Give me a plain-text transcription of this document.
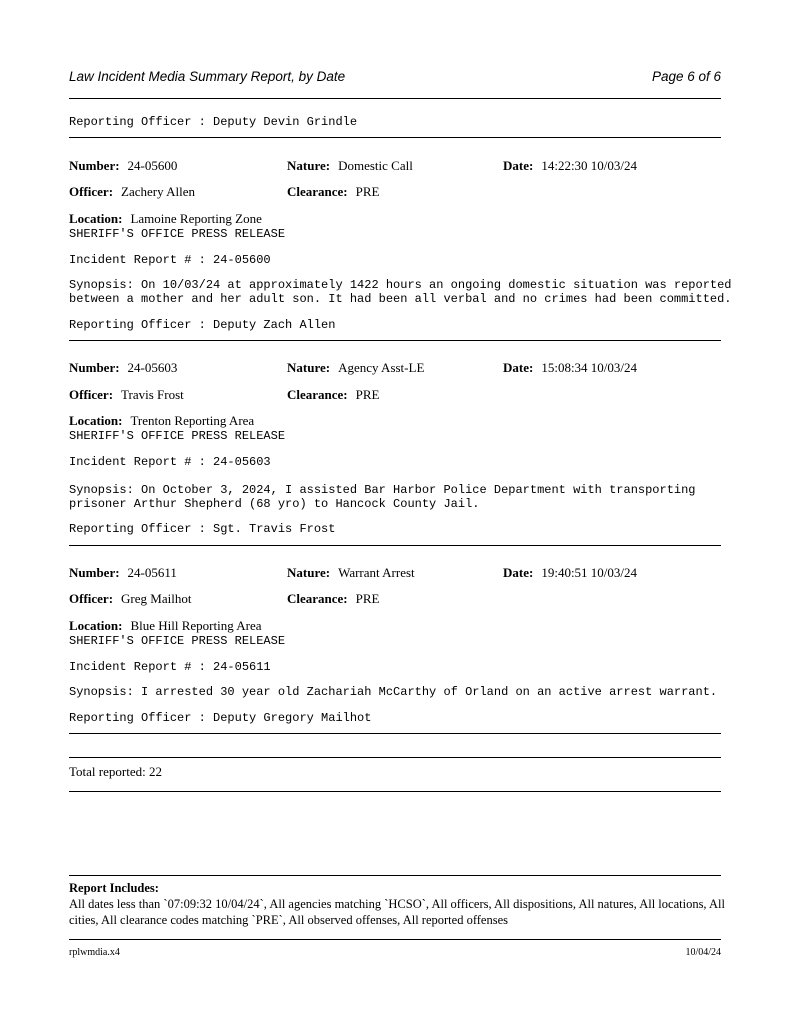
Law Incident Media Summary Report, by Date	Page 6 of 6
Reporting Officer : Deputy Devin Grindle
Number: 24-05600	Nature: Domestic Call	Date: 14:22:30 10/03/24
Officer: Zachery Allen	Clearance: PRE
Location: Lamoine Reporting Zone
SHERIFF'S OFFICE PRESS RELEASE
Incident Report # : 24-05600
Synopsis: On 10/03/24 at approximately 1422 hours an ongoing domestic situation was reported
between a mother and her adult son. It had been all verbal and no crimes had been committed.
Reporting Officer : Deputy Zach Allen
Number: 24-05603	Nature: Agency Asst-LE	Date: 15:08:34 10/03/24
Officer: Travis Frost	Clearance: PRE
Location: Trenton Reporting Area
SHERIFF'S OFFICE PRESS RELEASE
Incident Report # : 24-05603
Synopsis: On October 3, 2024, I assisted Bar Harbor Police Department with transporting
prisoner Arthur Shepherd (68 yro) to Hancock County Jail.
Reporting Officer : Sgt. Travis Frost
Number: 24-05611	Nature: Warrant Arrest	Date: 19:40:51 10/03/24
Officer: Greg Mailhot	Clearance: PRE
Location: Blue Hill Reporting Area
SHERIFF'S OFFICE PRESS RELEASE
Incident Report # : 24-05611
Synopsis: I arrested 30 year old Zachariah McCarthy of Orland on an active arrest warrant.
Reporting Officer : Deputy Gregory Mailhot
Total reported: 22
Report Includes:
All dates less than `07:09:32 10/04/24`, All agencies matching `HCSO`, All officers, All dispositions, All natures, All locations, All cities, All clearance codes matching `PRE`, All observed offenses, All reported offenses
rplwmdia.x4	10/04/24
